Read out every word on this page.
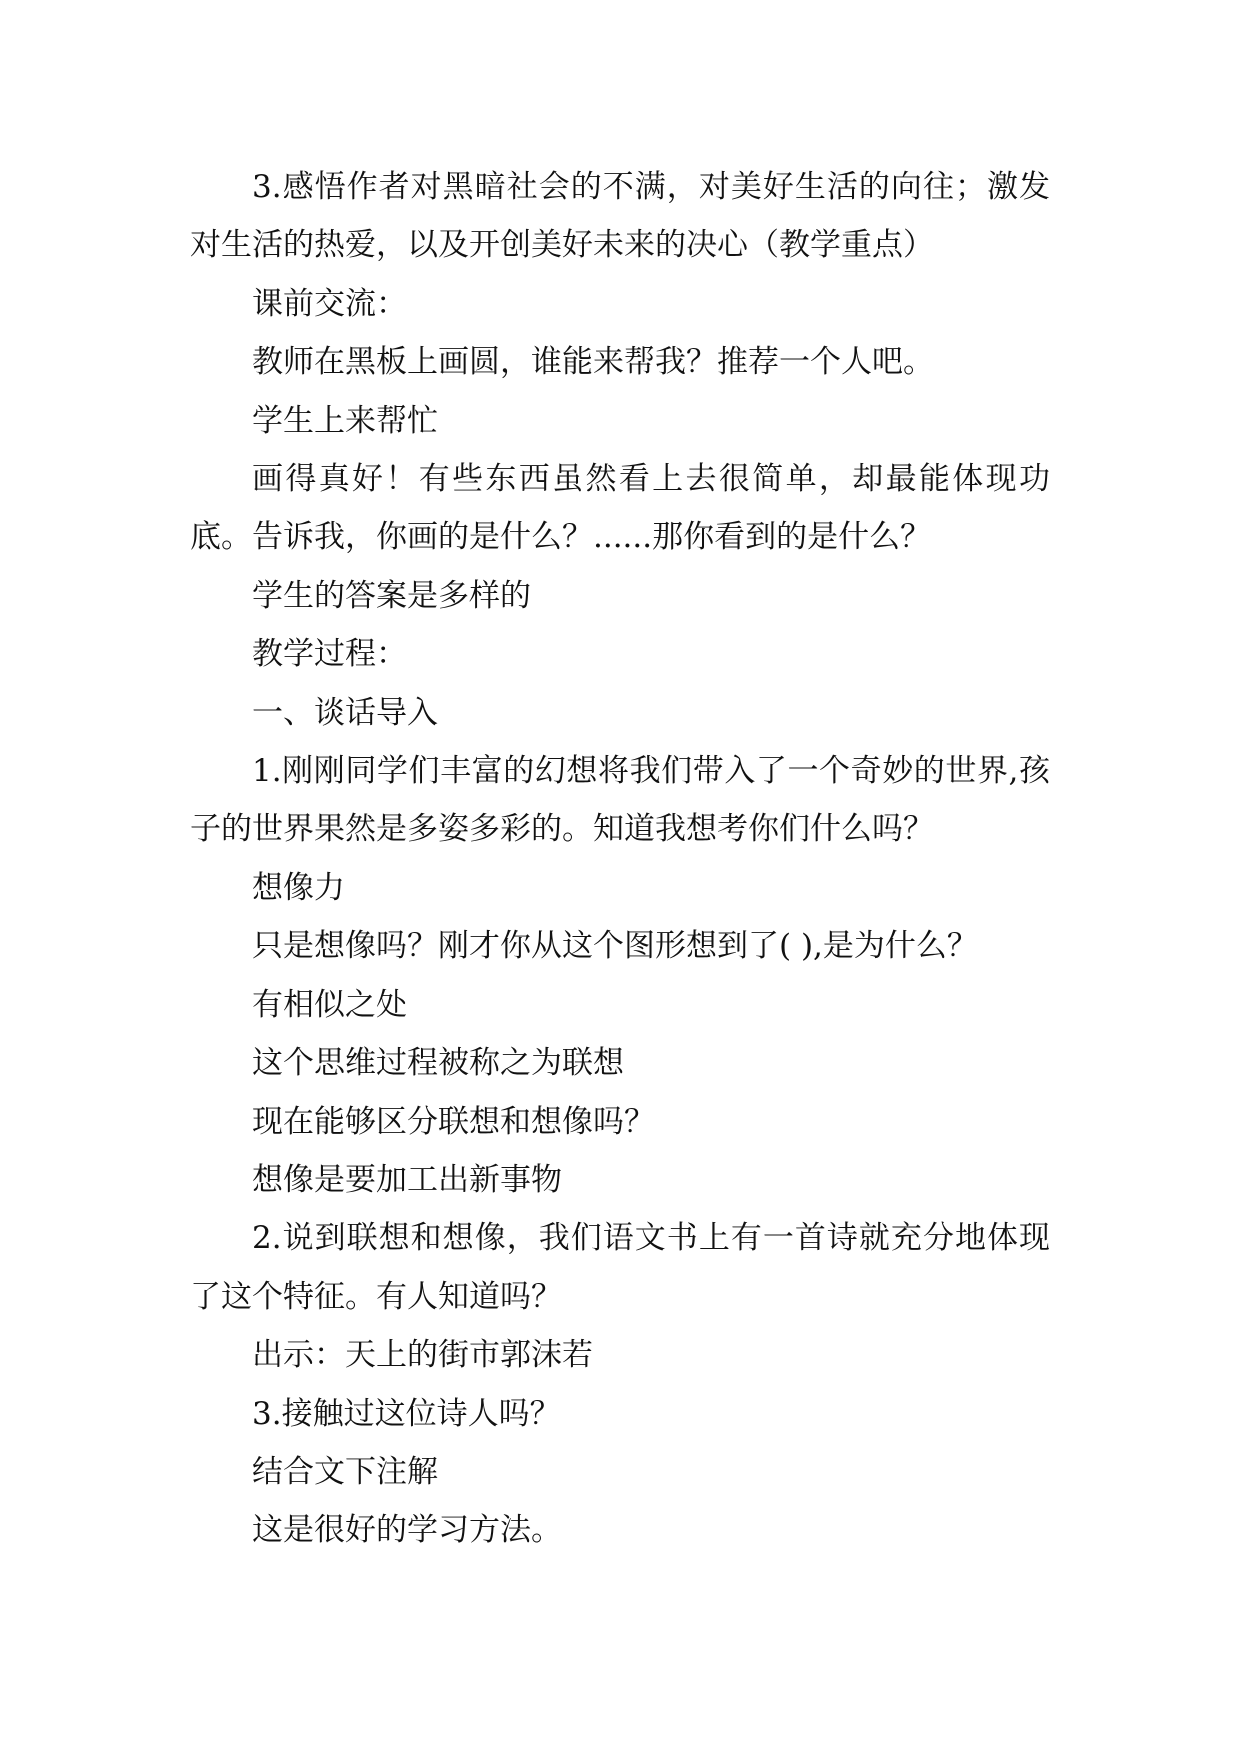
3.感悟作者对黑暗社会的不满，对美好生活的向往；激发对生活的热爱，以及开创美好未来的决心（教学重点）

课前交流：

教师在黑板上画圆，谁能来帮我？推荐一个人吧。

学生上来帮忙

画得真好！有些东西虽然看上去很简单，却最能体现功底。告诉我，你画的是什么？......那你看到的是什么？

学生的答案是多样的

教学过程：

一、谈话导入

1.刚刚同学们丰富的幻想将我们带入了一个奇妙的世界,孩子的世界果然是多姿多彩的。知道我想考你们什么吗？

想像力

只是想像吗？刚才你从这个图形想到了( ),是为什么？

有相似之处

这个思维过程被称之为联想

现在能够区分联想和想像吗？

想像是要加工出新事物

2.说到联想和想像，我们语文书上有一首诗就充分地体现了这个特征。有人知道吗？

出示：天上的街市郭沫若

3.接触过这位诗人吗？

结合文下注解

这是很好的学习方法。
